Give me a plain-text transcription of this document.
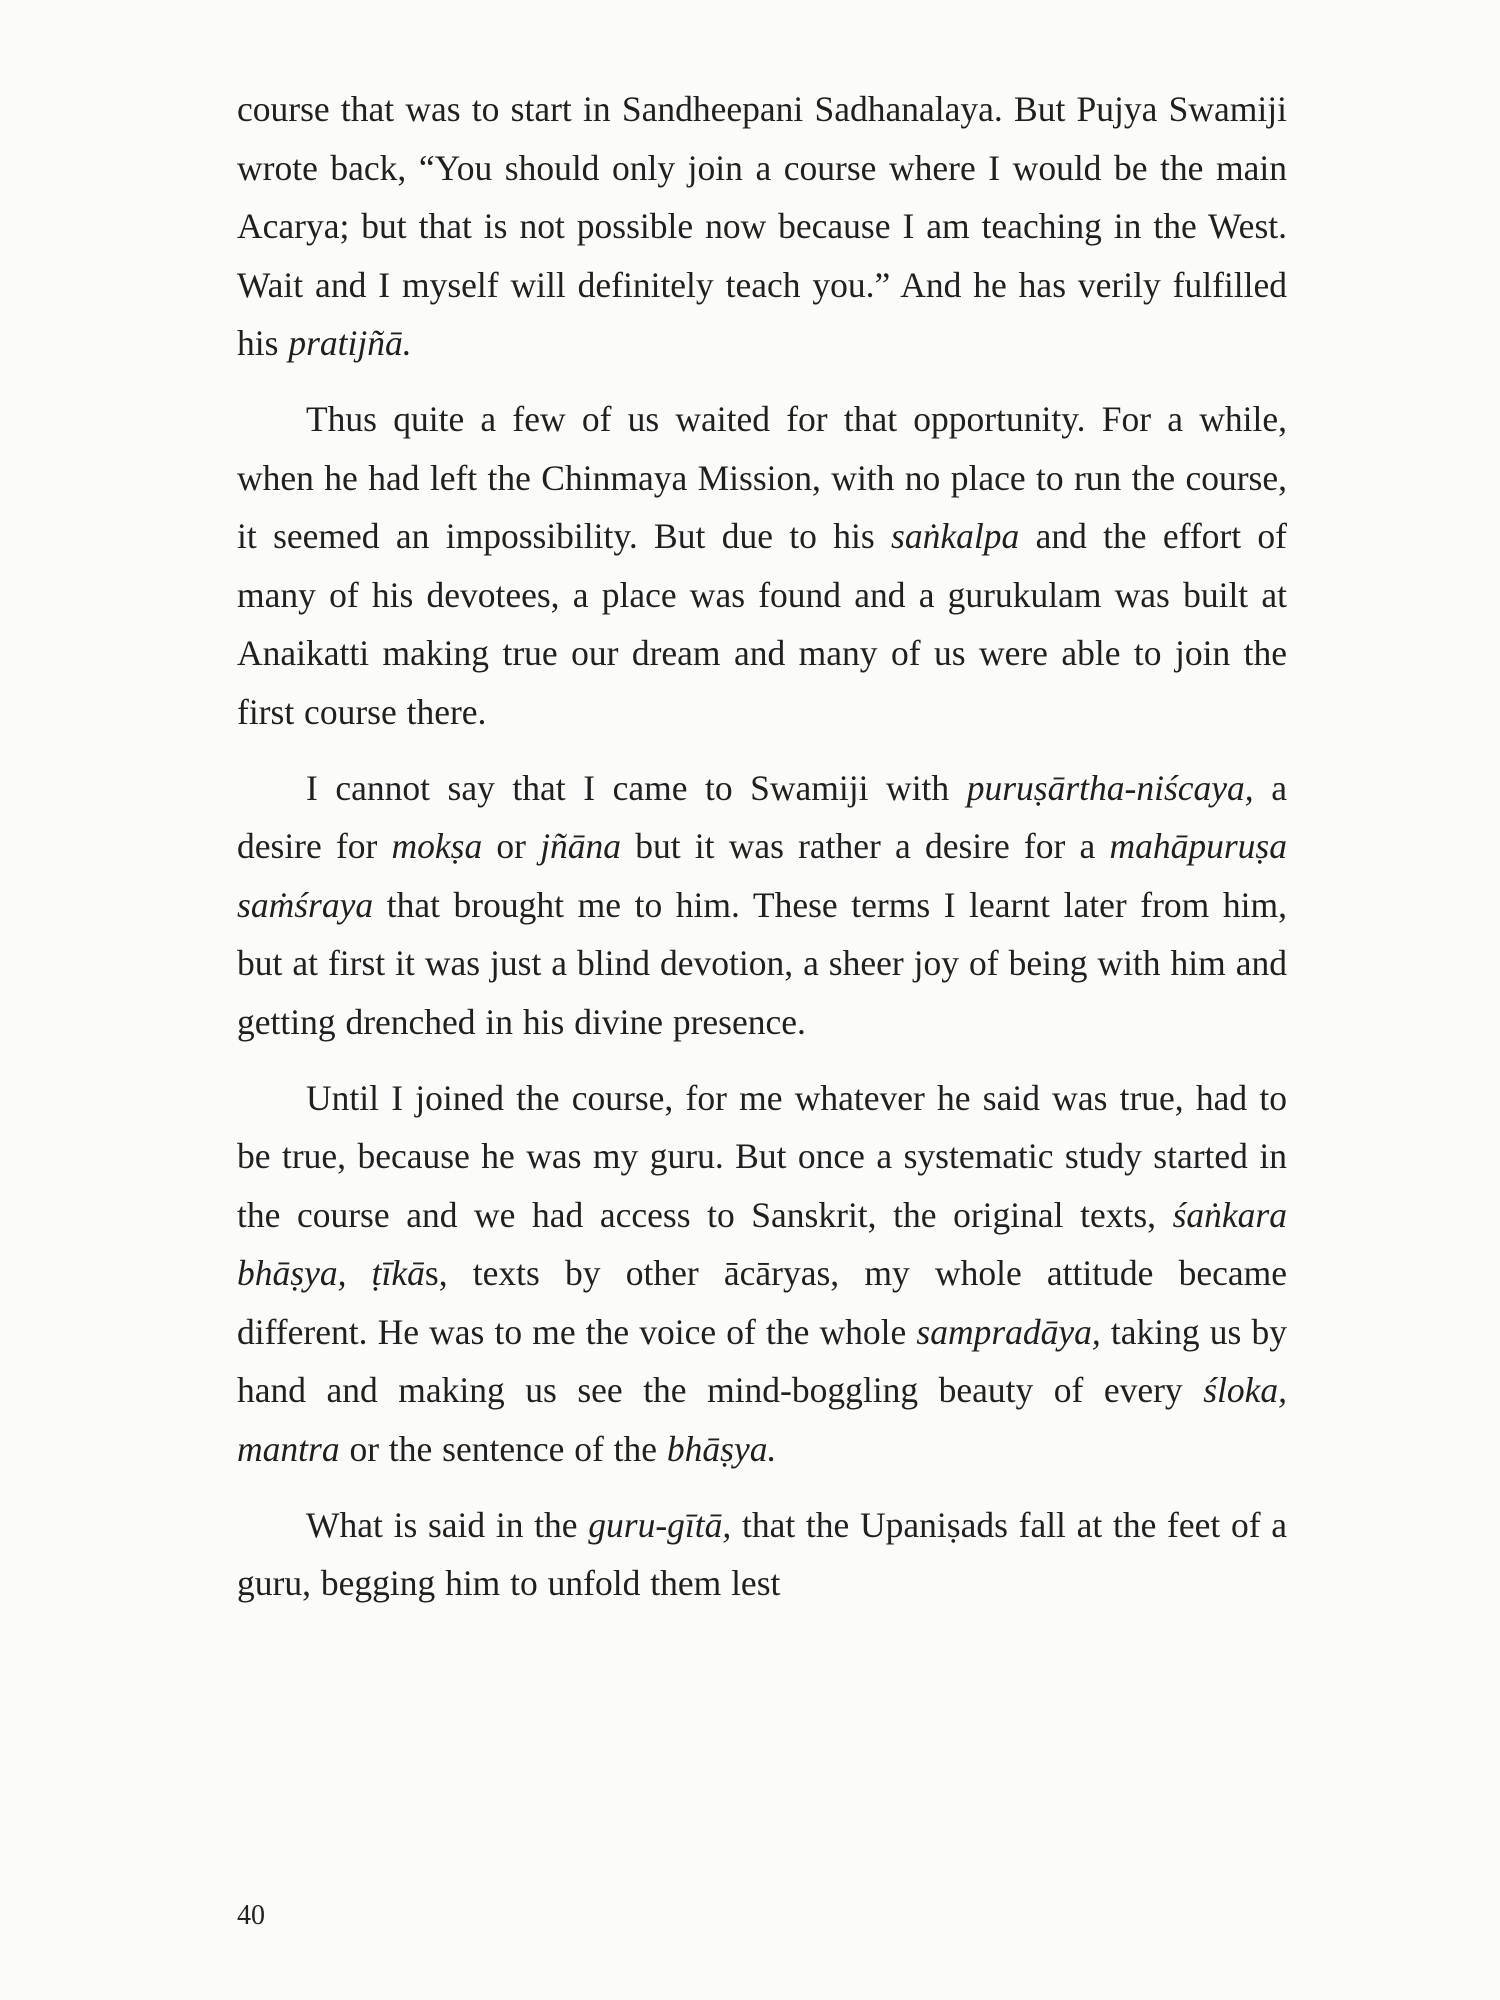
course that was to start in Sandheepani Sadhanalaya. But Pujya Swamiji wrote back, “You should only join a course where I would be the main Acarya; but that is not possible now because I am teaching in the West. Wait and I myself will definitely teach you.” And he has verily fulfilled his pratijñā.

Thus quite a few of us waited for that opportunity. For a while, when he had left the Chinmaya Mission, with no place to run the course, it seemed an impossibility. But due to his saṅkalpa and the effort of many of his devotees, a place was found and a gurukulam was built at Anaikatti making true our dream and many of us were able to join the first course there.

I cannot say that I came to Swamiji with puruṣārtha-niścaya, a desire for mokṣa or jñāna but it was rather a desire for a mahāpuruṣa saṁśraya that brought me to him. These terms I learnt later from him, but at first it was just a blind devotion, a sheer joy of being with him and getting drenched in his divine presence.

Until I joined the course, for me whatever he said was true, had to be true, because he was my guru. But once a systematic study started in the course and we had access to Sanskrit, the original texts, śaṅkara bhāṣya, ṭīkās, texts by other ācāryas, my whole attitude became different. He was to me the voice of the whole sampradāya, taking us by hand and making us see the mind-boggling beauty of every śloka, mantra or the sentence of the bhāṣya.

What is said in the guru-gītā, that the Upaniṣads fall at the feet of a guru, begging him to unfold them lest

40
